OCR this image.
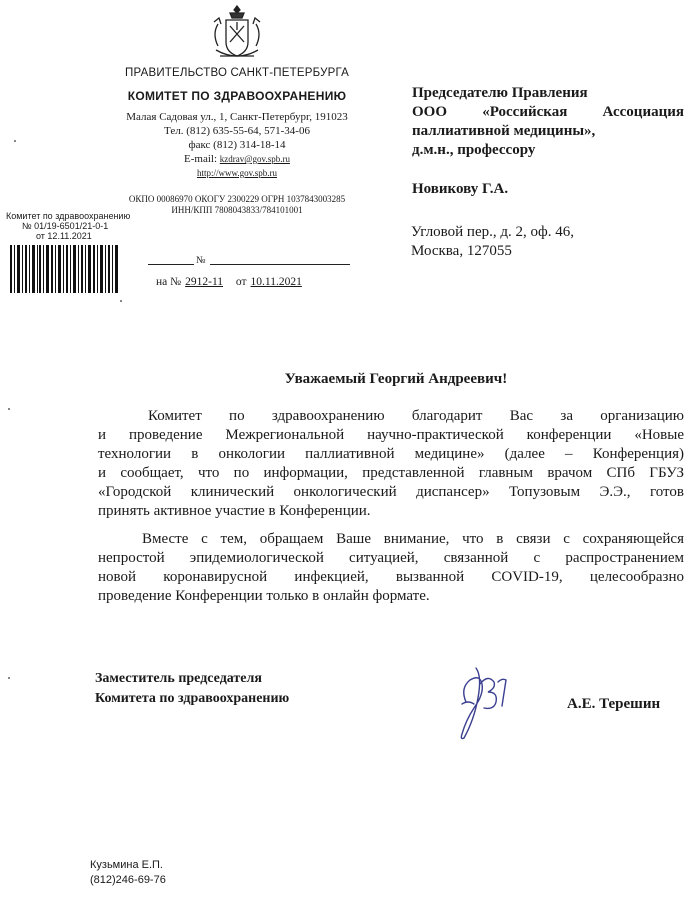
ПРАВИТЕЛЬСТВО САНКТ-ПЕТЕРБУРГА
КОМИТЕТ ПО ЗДРАВООХРАНЕНИЮ
Малая Садовая ул., 1, Санкт-Петербург, 191023
Тел. (812) 635-55-64, 571-34-06
факс (812) 314-18-14
E-mail: kzdrav@gov.spb.ru
http://www.gov.spb.ru
ОКПО 00086970 ОКОГУ 2300229 ОГРН 1037843003285
ИНН/КПП 7808043833/784101001
Комитет по здравоохранению
№ 01/19-6501/21-0-1
от 12.11.2021
№
на № 2912-11 от 10.11.2021
Председателю Правления
ООО «Российская Ассоциация
паллиативной медицины»,
д.м.н., профессору
Новикову Г.А.
Угловой пер., д. 2, оф. 46,
Москва, 127055
Уважаемый Георгий Андреевич!
Комитет по здравоохранению благодарит Вас за организацию
и проведение Межрегиональной научно-практической конференции «Новые
технологии в онкологии паллиативной медицине» (далее – Конференция)
и сообщает, что по информации, представленной главным врачом СПб ГБУЗ
«Городской клинический онкологический диспансер» Топузовым Э.Э., готов
принять активное участие в Конференции.
Вместе с тем, обращаем Ваше внимание, что в связи с сохраняющейся
непростой эпидемиологической ситуацией, связанной с распространением
новой коронавирусной инфекцией, вызванной COVID-19, целесообразно
проведение Конференции только в онлайн формате.
Заместитель председателя
Комитета по здравоохранению	А.Е. Терешин
Кузьмина Е.П.
(812)246-69-76
